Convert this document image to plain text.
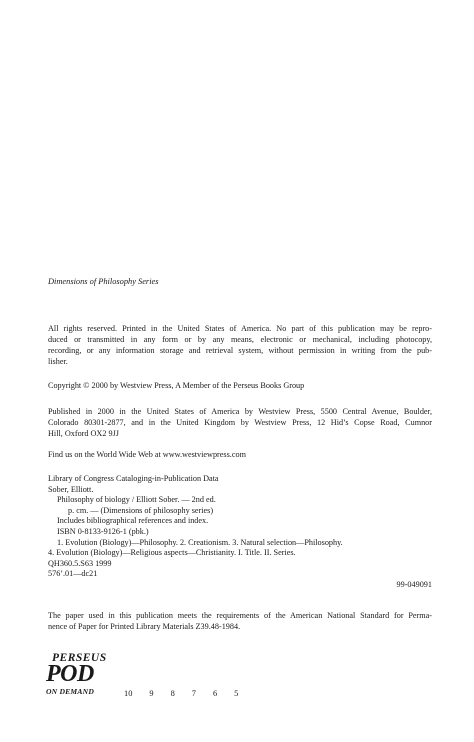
Dimensions of Philosophy Series
All rights reserved. Printed in the United States of America. No part of this publication may be repro-
duced or transmitted in any form or by any means, electronic or mechanical, including photocopy,
recording, or any information storage and retrieval system, without permission in writing from the pub-
lisher.
Copyright © 2000 by Westview Press, A Member of the Perseus Books Group
Published in 2000 in the United States of America by Westview Press, 5500 Central Avenue, Boulder,
Colorado 80301-2877, and in the United Kingdom by Westview Press, 12 Hid’s Copse Road, Cumnor
Hill, Oxford OX2 9JJ
Find us on the World Wide Web at www.westviewpress.com
Library of Congress Cataloging-in-Publication Data
Sober, Elliott.
Philosophy of biology / Elliott Sober. — 2nd ed.
p. cm. — (Dimensions of philosophy series)
Includes bibliographical references and index.
ISBN 0-8133-9126-1 (pbk.)
1. Evolution (Biology)—Philosophy. 2. Creationism. 3. Natural selection—Philosophy.
4. Evolution (Biology)—Religious aspects—Christianity. I. Title. II. Series.
QH360.5.S63 1999
576’.01—dc21
99-049091
The paper used in this publication meets the requirements of the American National Standard for Perma-
nence of Paper for Printed Library Materials Z39.48-1984.
PERSEUS
POD
ON DEMAND	10 9 8 7 6 5
